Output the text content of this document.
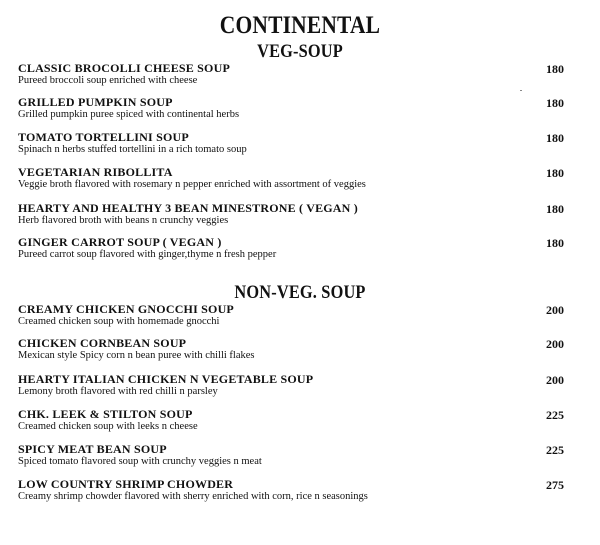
CONTINENTAL
VEG-SOUP
CLASSIC BROCOLLI CHEESE SOUP
Pureed broccoli soup enriched with cheese
180
GRILLED PUMPKIN SOUP
Grilled pumpkin puree spiced with continental herbs
180
TOMATO TORTELLINI SOUP
Spinach n herbs stuffed tortellini in a rich tomato soup
180
VEGETARIAN RIBOLLITA
Veggie broth flavored with rosemary n pepper enriched with assortment of veggies
180
HEARTY AND HEALTHY 3 BEAN MINESTRONE ( VEGAN )
Herb flavored broth with beans n crunchy veggies
180
GINGER CARROT SOUP ( VEGAN )
Pureed carrot soup flavored with ginger,thyme n fresh pepper
180
NON-VEG. SOUP
CREAMY CHICKEN GNOCCHI SOUP
Creamed chicken soup with homemade gnocchi
200
CHICKEN CORNBEAN SOUP
Mexican style Spicy corn n bean puree with chilli flakes
200
HEARTY ITALIAN CHICKEN N VEGETABLE SOUP
Lemony broth flavored with red chilli n parsley
200
CHK. LEEK & STILTON SOUP
Creamed chicken soup with leeks n cheese
225
SPICY MEAT BEAN SOUP
Spiced tomato flavored soup with crunchy veggies n meat
225
LOW COUNTRY SHRIMP CHOWDER
Creamy shrimp chowder flavored with sherry enriched with corn, rice n seasonings
275
